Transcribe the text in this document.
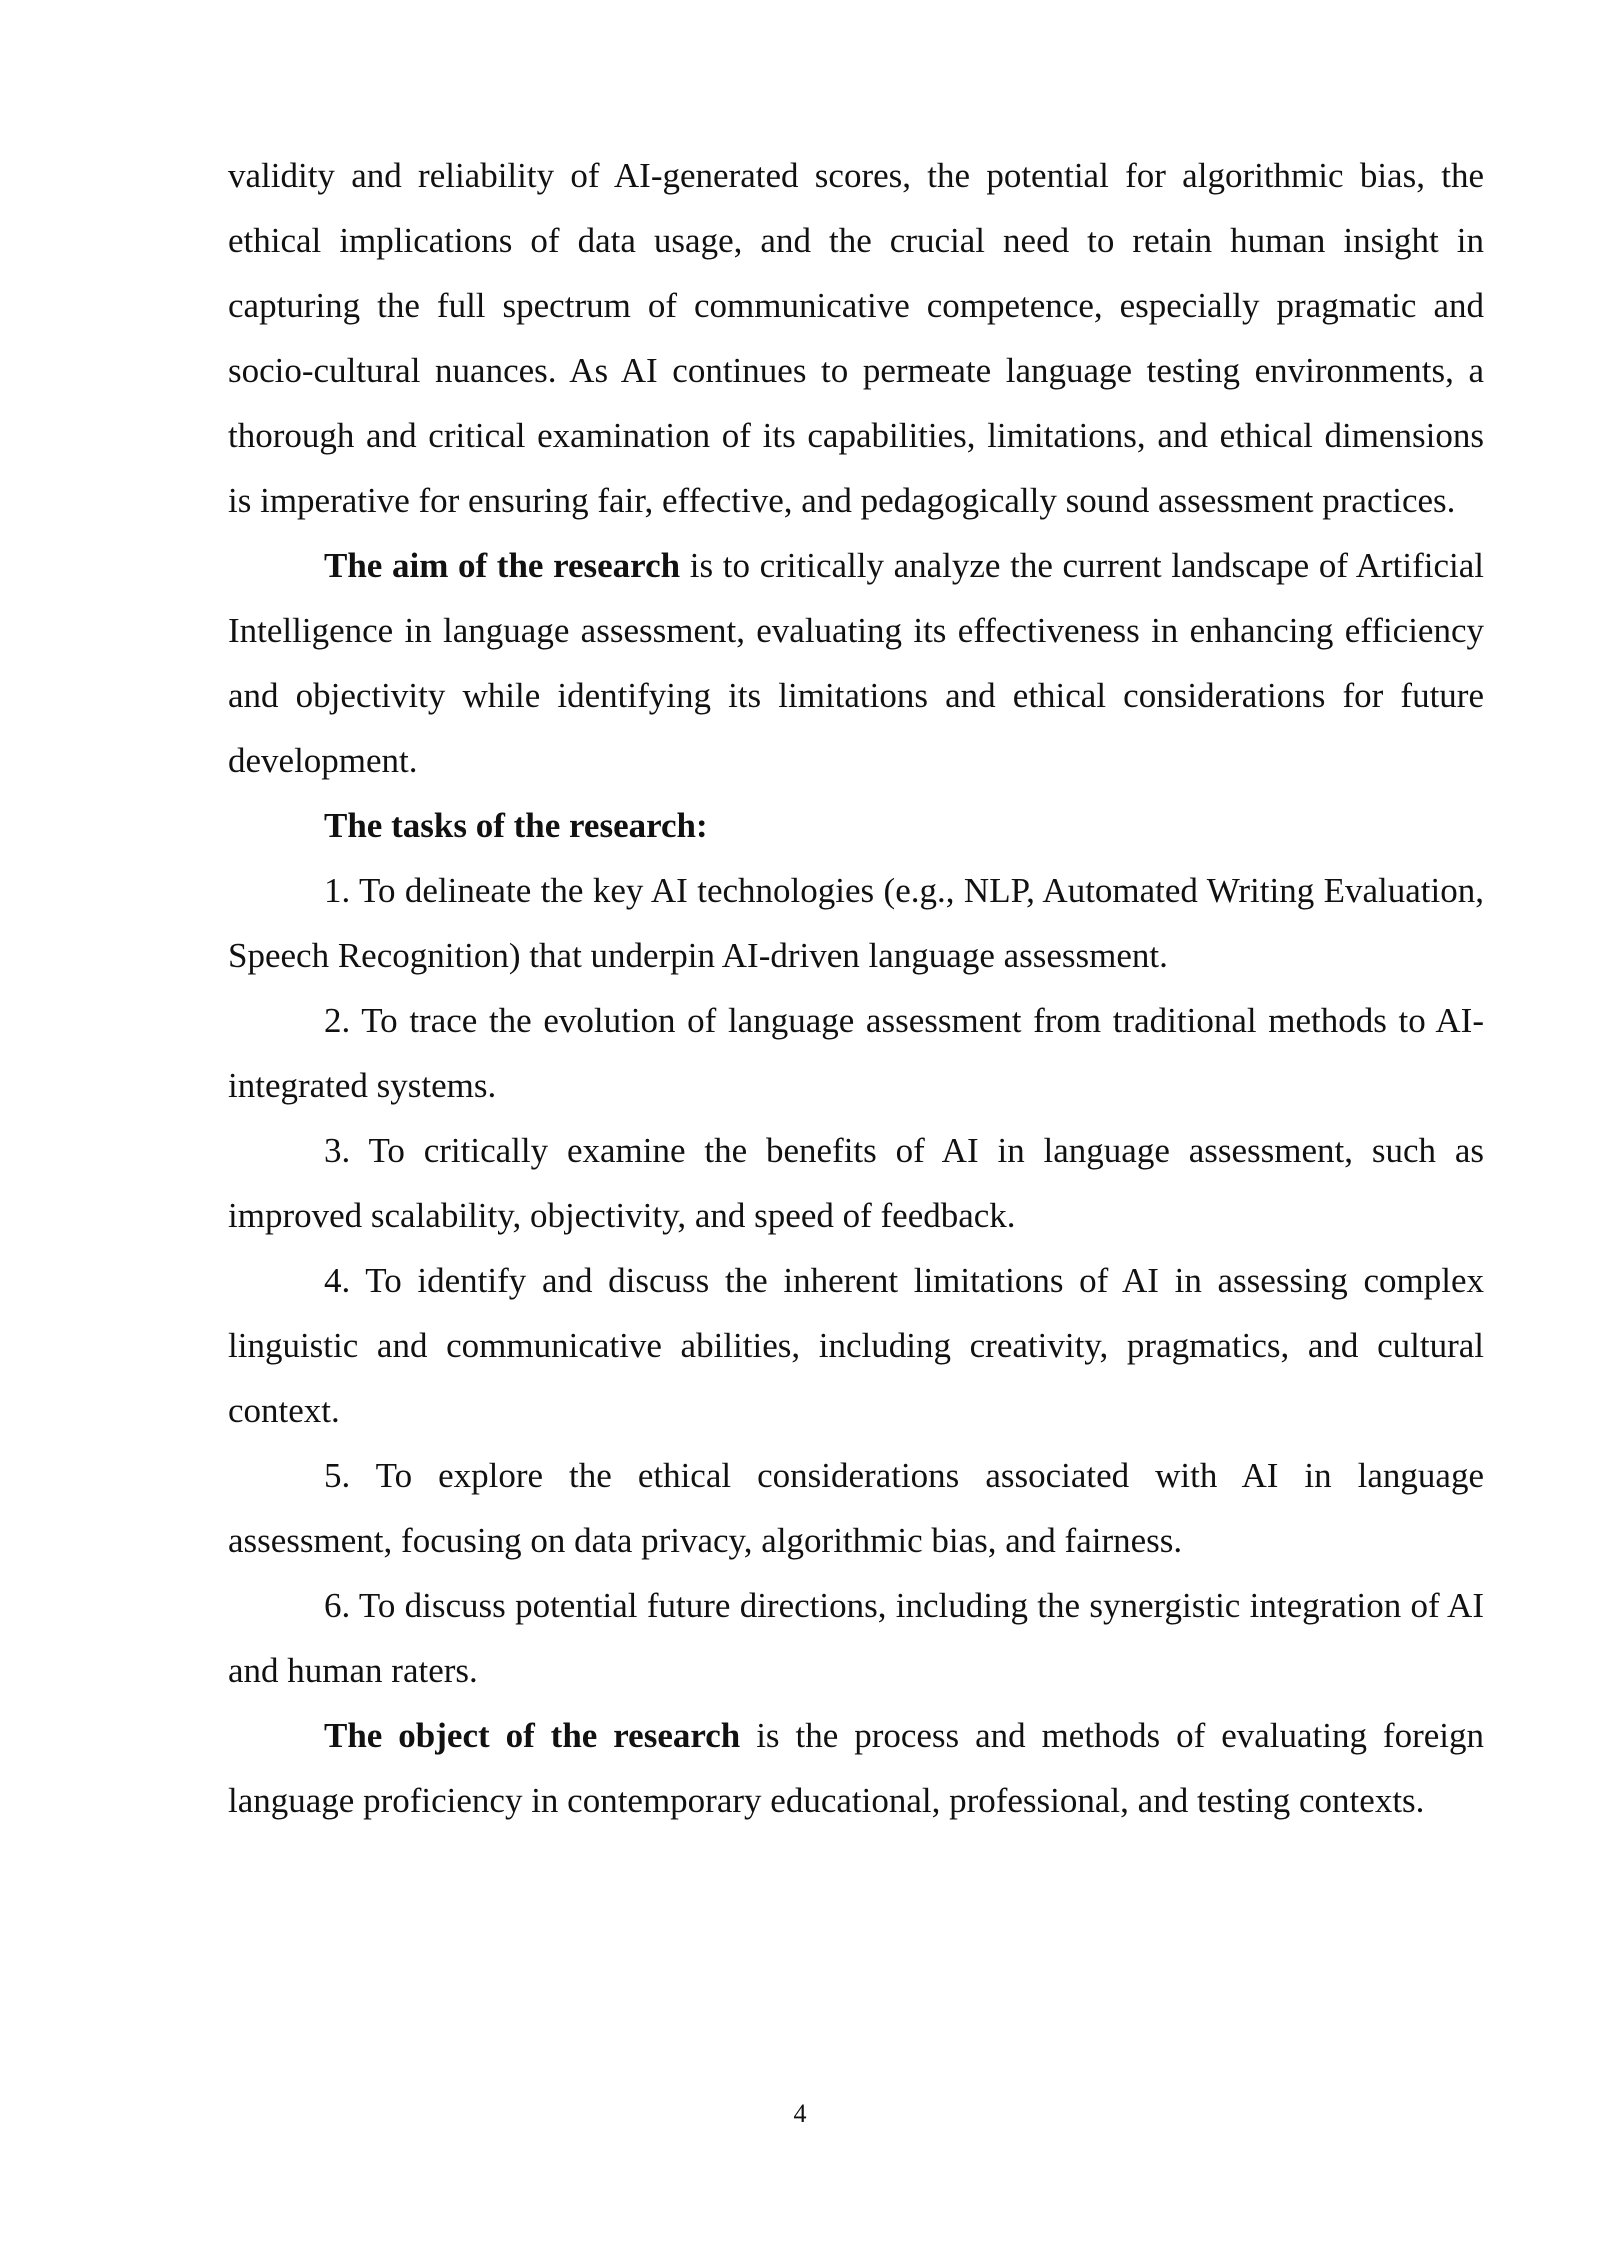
validity and reliability of AI-generated scores, the potential for algorithmic bias, the ethical implications of data usage, and the crucial need to retain human insight in capturing the full spectrum of communicative competence, especially pragmatic and socio-cultural nuances. As AI continues to permeate language testing environments, a thorough and critical examination of its capabilities, limitations, and ethical dimensions is imperative for ensuring fair, effective, and pedagogically sound assessment practices.

The aim of the research is to critically analyze the current landscape of Artificial Intelligence in language assessment, evaluating its effectiveness in enhancing efficiency and objectivity while identifying its limitations and ethical considerations for future development.

The tasks of the research:

1. To delineate the key AI technologies (e.g., NLP, Automated Writing Evaluation, Speech Recognition) that underpin AI-driven language assessment.

2. To trace the evolution of language assessment from traditional methods to AI-integrated systems.

3. To critically examine the benefits of AI in language assessment, such as improved scalability, objectivity, and speed of feedback.

4. To identify and discuss the inherent limitations of AI in assessing complex linguistic and communicative abilities, including creativity, pragmatics, and cultural context.

5. To explore the ethical considerations associated with AI in language assessment, focusing on data privacy, algorithmic bias, and fairness.

6. To discuss potential future directions, including the synergistic integration of AI and human raters.

The object of the research is the process and methods of evaluating foreign language proficiency in contemporary educational, professional, and testing contexts.

4
